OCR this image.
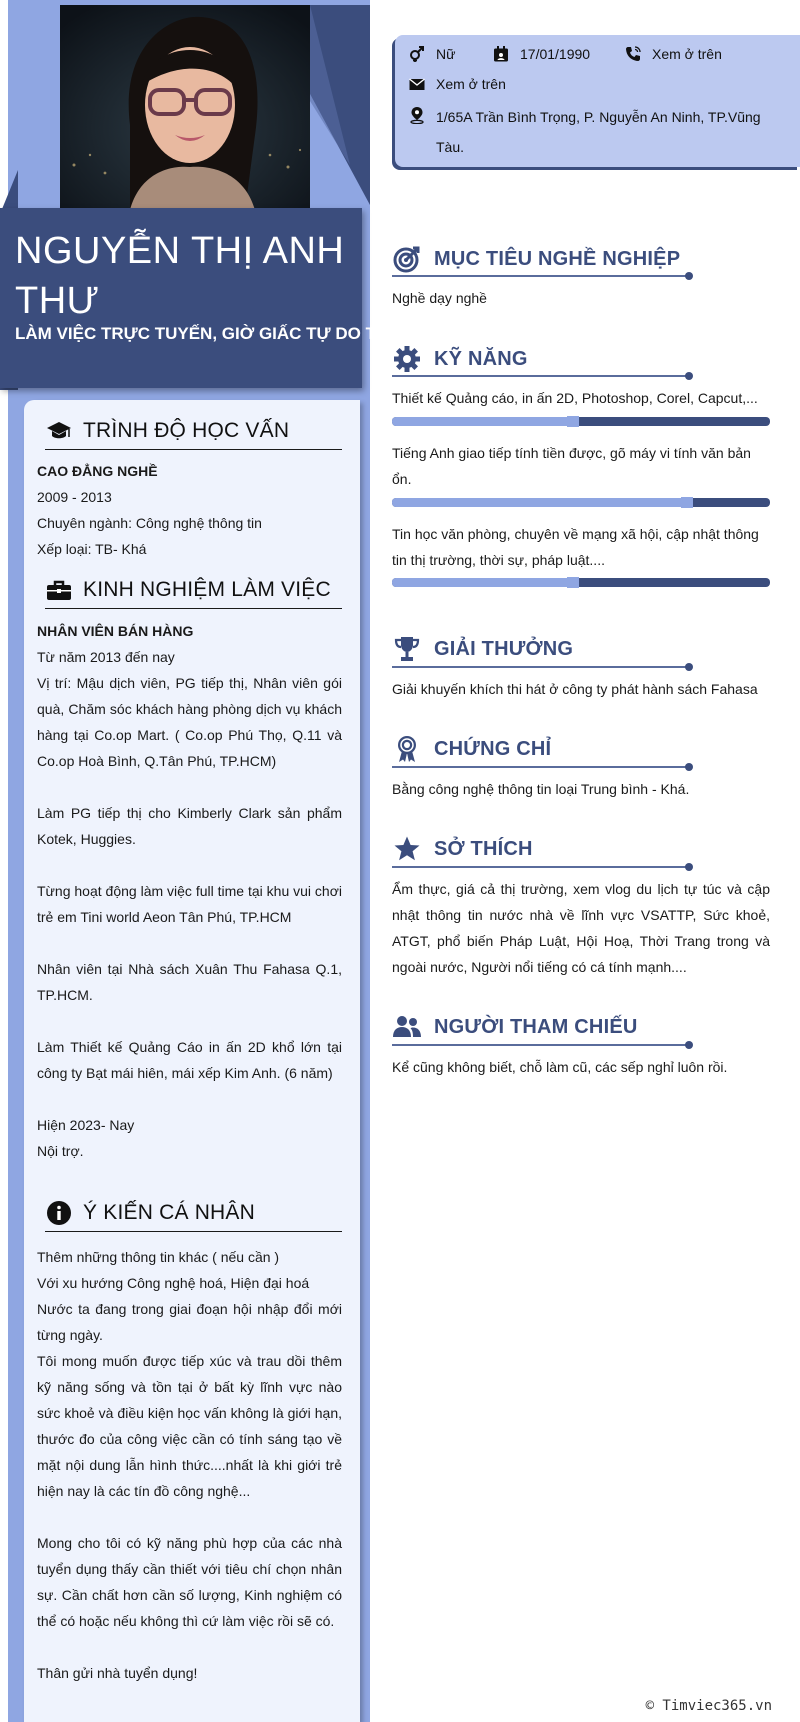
NGUYỄN THỊ ANH THƯ
LÀM VIỆC TRỰC TUYẾN, GIỜ GIẤC TỰ DO THUẬN
TRÌNH ĐỘ HỌC VẤN
CAO ĐẲNG NGHỀ
2009 - 2013
Chuyên ngành: Công nghệ thông tin
Xếp loại: TB- Khá
KINH NGHIỆM LÀM VIỆC
NHÂN VIÊN BÁN HÀNG
Từ năm 2013 đến nay
Vị trí: Mậu dịch viên, PG tiếp thị, Nhân viên gói quà, Chăm sóc khách hàng phòng dịch vụ khách hàng tại Co.op Mart. ( Co.op Phú Thọ, Q.11 và Co.op Hoà Bình, Q.Tân Phú, TP.HCM)
Làm PG tiếp thị cho Kimberly Clark sản phẩm Kotek, Huggies.
Từng hoạt động làm việc full time tại khu vui chơi trẻ em Tini world Aeon Tân Phú, TP.HCM
Nhân viên tại Nhà sách Xuân Thu Fahasa Q.1, TP.HCM.
Làm Thiết kế Quảng Cáo in ấn 2D khổ lớn tại công ty Bạt mái hiên, mái xếp Kim Anh. (6 năm)
Hiện 2023- Nay
Nội trợ.
Ý KIẾN CÁ NHÂN
Thêm những thông tin khác ( nếu cần )
Với xu hướng Công nghệ hoá, Hiện đại hoá
Nước ta đang trong giai đoạn hội nhập đổi mới từng ngày.
Tôi mong muốn được tiếp xúc và trau dồi thêm kỹ năng sống và tồn tại ở bất kỳ lĩnh vực nào sức khoẻ và điều kiện học vấn không là giới hạn, thước đo của công việc cần có tính sáng tạo về mặt nội dung lẫn hình thức....nhất là khi giới trẻ hiện nay là các tín đồ công nghệ...
Mong cho tôi có kỹ năng phù hợp của các nhà tuyển dụng thấy cần thiết với tiêu chí chọn nhân sự. Cần chất hơn cần số lượng, Kinh nghiệm có thể có hoặc nếu không thì cứ làm việc rồi sẽ có.
Thân gửi nhà tuyển dụng!
Nữ	17/01/1990	Xem ở trên
Xem ở trên
1/65A Trần Bình Trọng, P. Nguyễn An Ninh, TP.Vũng Tàu.
MỤC TIÊU NGHỀ NGHIỆP
Nghề dạy nghề
KỸ NĂNG
Thiết kế Quảng cáo, in ấn 2D, Photoshop, Corel, Capcut,...
Tiếng Anh giao tiếp tính tiền được, gõ máy vi tính văn bản ổn.
Tin học văn phòng, chuyên về mạng xã hội, cập nhật thông tin thị trường, thời sự, pháp luật....
GIẢI THƯỞNG
Giải khuyến khích thi hát ở công ty phát hành sách Fahasa
CHỨNG CHỈ
Bằng công nghệ thông tin loại Trung bình - Khá.
SỞ THÍCH
Ẩm thực, giá cả thị trường, xem vlog du lịch tự túc và cập nhật thông tin nước nhà về lĩnh vực VSATTP, Sức khoẻ, ATGT, phổ biến Pháp Luật, Hội Hoạ, Thời Trang trong và ngoài nước, Người nổi tiếng có cá tính mạnh....
NGƯỜI THAM CHIẾU
Kể cũng không biết, chỗ làm cũ, các sếp nghỉ luôn rồi.
© Timviec365.vn
